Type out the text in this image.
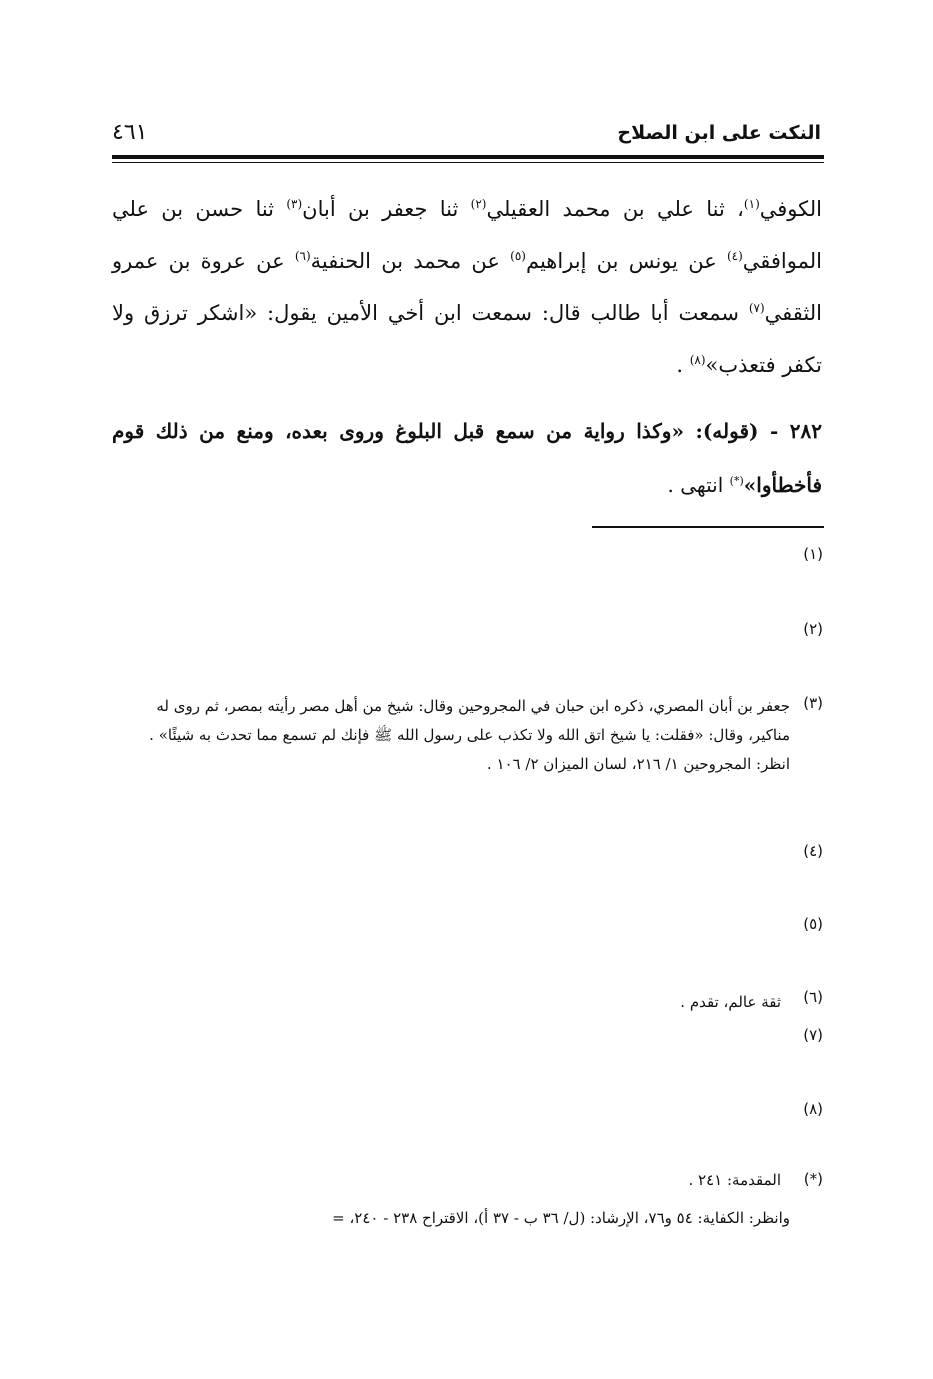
النكت على ابن الصلاح
٤٦١
الكوفي$^{(١)}$، ثنا علي بن محمد العقيلي$^{(٢)}$ ثنا جعفر بن أبان$^{(٣)}$ ثنا حسن بن علي الموافقي$^{(٤)}$ عن يونس بن إبراهيم$^{(٥)}$ عن محمد بن الحنفية$^{(٦)}$ عن عروة بن عمرو الثقفي$^{(٧)}$ سمعت أبا طالب قال: سمعت ابن أخي الأمين يقول: «اشكر ترزق ولا تكفر فتعذب»$^{(٨)}$ .
٢٨٢ - (قوله): «وكذا رواية من سمع قبل البلوغ وروى بعده، ومنع من ذلك قوم فأخطأوا»(*) انتهى .
(١)
(٢)
(٣)
جعفر بن أبان المصري، ذكره ابن حبان في المجروحين وقال: شيخ من أهل مصر رأيته بمصر، ثم روى له مناكير، وقال: «فقلت: يا شيخ اتق الله ولا تكذب على رسول الله ﷺ فإنك لم تسمع مما تحدث به شيئًا» .
انظر: المجروحين ١/ ٢١٦، لسان الميزان ٢/ ١٠٦ .
(٤)
(٥)
(٦)
ثقة عالم، تقدم .
(٧)
(٨)
(*)
المقدمة: ٢٤١ .
وانظر: الكفاية: ٥٤ و٧٦، الإرشاد: (ل/ ٣٦ ب - ٣٧ أ)، الاقتراح ٢٣٨ - ٢٤٠، =
